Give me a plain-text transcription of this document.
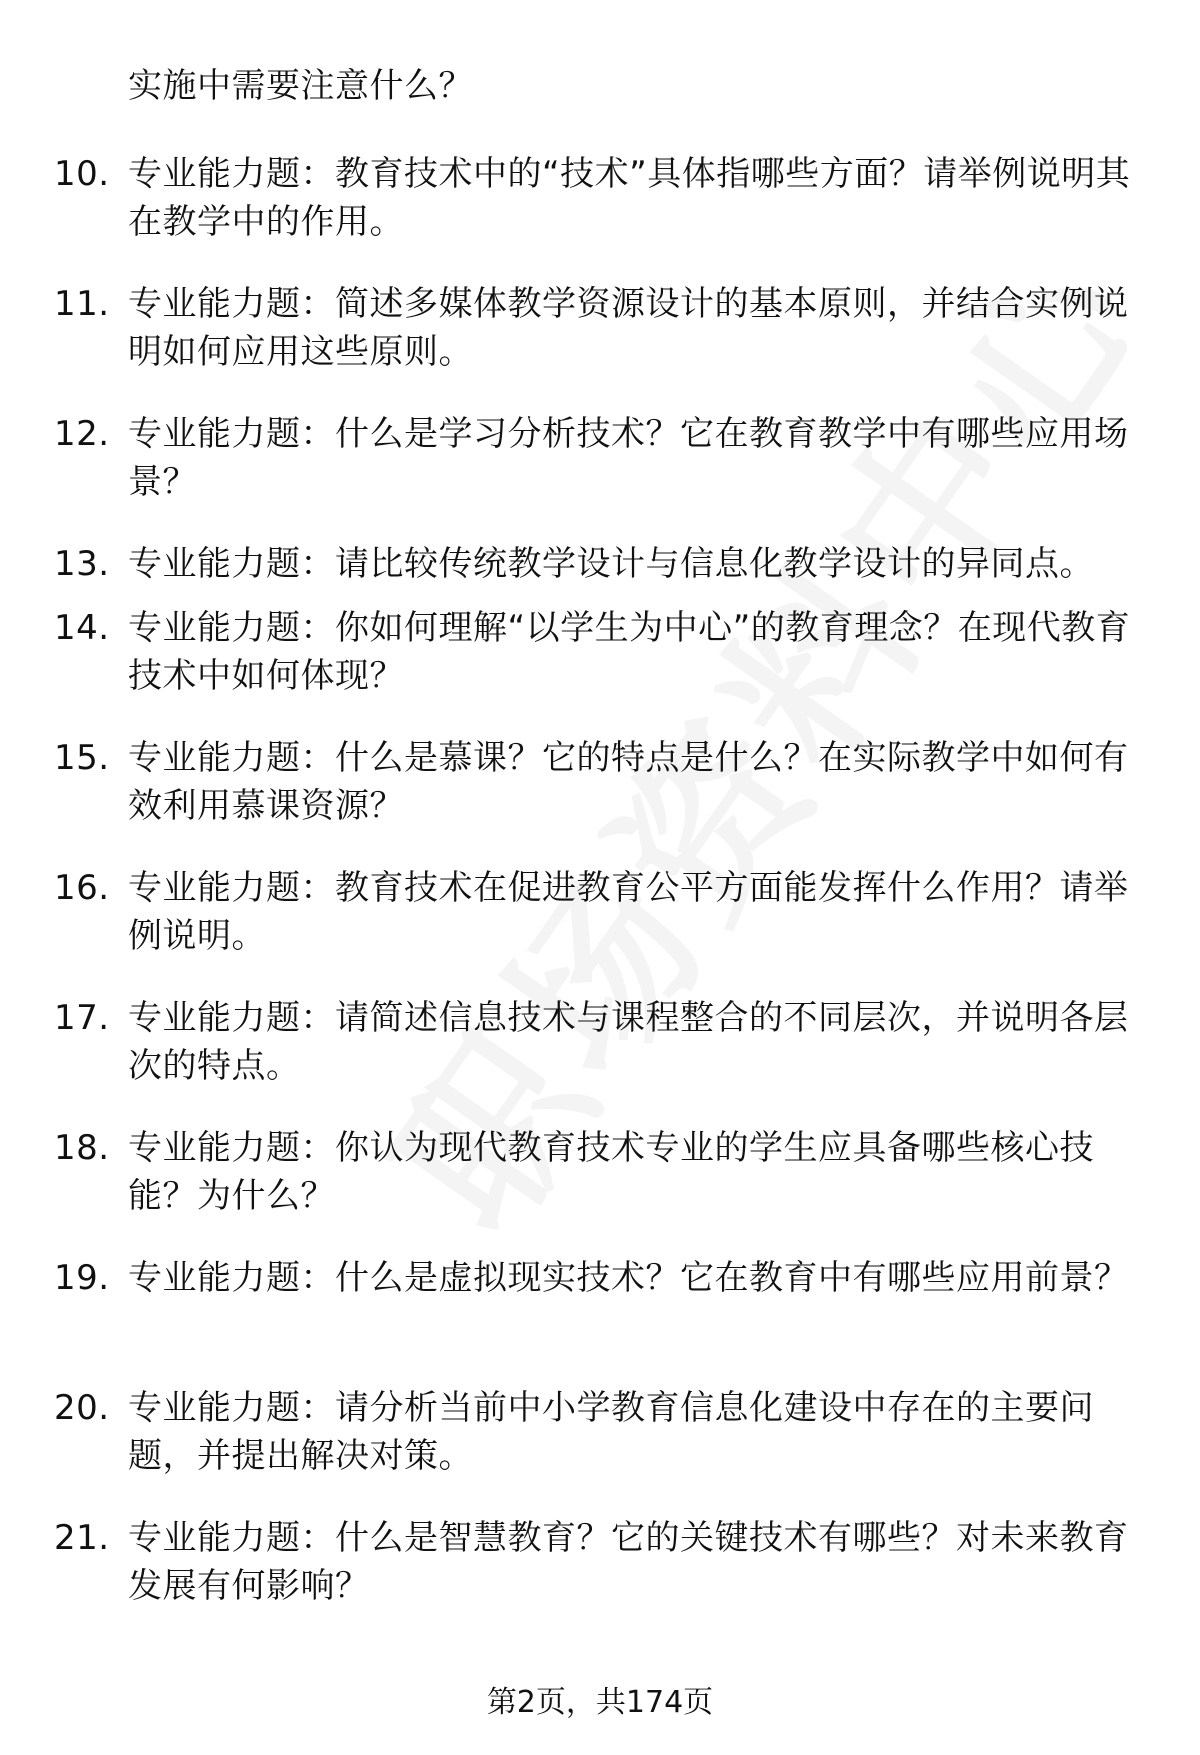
实施中需要注意什么？
10. 专业能力题：教育技术中的“技术”具体指哪些方面？请举例说明其在教学中的作用。
11. 专业能力题：简述多媒体教学资源设计的基本原则，并结合实例说明如何应用这些原则。
12. 专业能力题：什么是学习分析技术？它在教育教学中有哪些应用场景？
13. 专业能力题：请比较传统教学设计与信息化教学设计的异同点。
14. 专业能力题：你如何理解“以学生为中心”的教育理念？在现代教育技术中如何体现？
15. 专业能力题：什么是慕课？它的特点是什么？在实际教学中如何有效利用慕课资源？
16. 专业能力题：教育技术在促进教育公平方面能发挥什么作用？请举例说明。
17. 专业能力题：请简述信息技术与课程整合的不同层次，并说明各层次的特点。
18. 专业能力题：你认为现代教育技术专业的学生应具备哪些核心技能？为什么？
19. 专业能力题：什么是虚拟现实技术？它在教育中有哪些应用前景？
20. 专业能力题：请分析当前中小学教育信息化建设中存在的主要问题，并提出解决对策。
21. 专业能力题：什么是智慧教育？它的关键技术有哪些？对未来教育发展有何影响？
第2页，共174页
